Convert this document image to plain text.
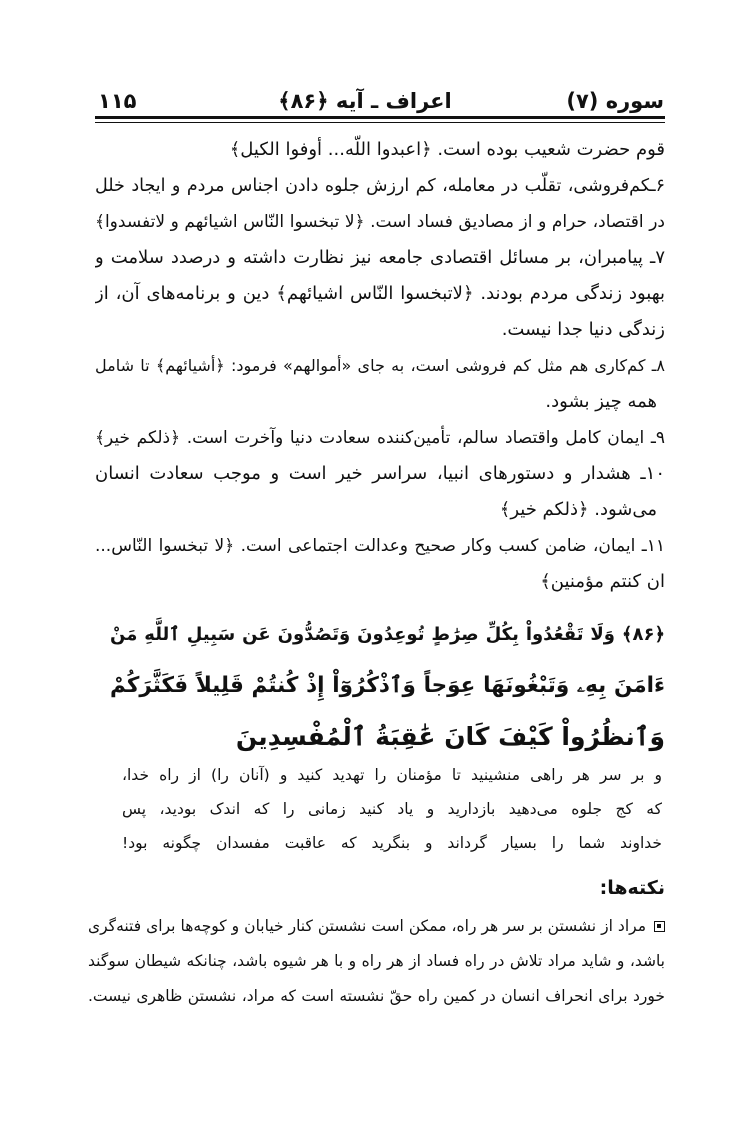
سوره (۷)
اعراف ـ آیه ﴿۸۶﴾
۱۱۵
قوم حضرت شعیب بوده است. ﴿اعبدوا اللّه... أوفوا الکیل﴾
۶ـکم‌فروشی، تقلّب در معامله، کم ارزش جلوه دادن اجناس مردم و ایجاد خلل
در اقتصاد، حرام و از مصادیق فساد است. ﴿لا تبخسوا النّاس اشیائهم و لاتفسدوا﴾
۷ـ پیامبران، بر مسائل اقتصادی جامعه نیز نظارت داشته و درصدد سلامت و
بهبود زندگی مردم بودند. ﴿لاتبخسوا النّاس اشیائهم﴾ دین و برنامه‌های آن، از
زندگی دنیا جدا نیست.
۸ـ کم‌کاری هم مثل کم فروشی است، به جای «أموالهم» فرمود: ﴿أشیائهم﴾ تا شامل
همه چیز بشود.
۹ـ ایمان کامل واقتصاد سالم، تأمین‌کننده سعادت دنیا وآخرت است. ﴿ذلکم خیر﴾
۱۰ـ هشدار و دستورهای انبیا، سراسر خیر است و موجب سعادت انسان
می‌شود. ﴿ذلکم خیر﴾
۱۱ـ ایمان، ضامن کسب وکار صحیح وعدالت اجتماعی است. ﴿لا تبخسوا النّاس...
ان کنتم مؤمنین﴾
﴿۸۶﴾ وَلَا تَقْعُدُواْ بِكُلِّ صِرَٰطٍ تُوعِدُونَ وَتَصُدُّونَ عَن سَبِيلِ ٱللَّهِ مَنْ
ءَامَنَ بِهِۦ وَتَبْغُونَهَا عِوَجاً وَٱذْكُرُوٓاْ إِذْ كُنتُمْ قَلِيلاً فَكَثَّرَكُمْ
وَٱنظُرُواْ كَيْفَ كَانَ عَٰقِبَةُ ٱلْمُفْسِدِينَ
و بر سر هر راهی منشینید تا مؤمنان را تهدید کنید و (آنان را) از راه خدا،
که کج جلوه می‌دهید بازدارید و یاد کنید زمانی را که اندک بودید، پس
خداوند شما را بسیار گرداند و بنگرید که عاقبت مفسدان چگونه بود!
نکته‌ها:
مراد از نشستن بر سر هر راه، ممکن است نشستن کنار خیابان و کوچه‌ها برای فتنه‌گری
باشد، و شاید مراد تلاش در راه فساد از هر راه و با هر شیوه باشد، چنانکه شیطان سوگند
خورد برای انحراف انسان در کمین راه حقّ نشسته است که مراد، نشستن ظاهری نیست.
